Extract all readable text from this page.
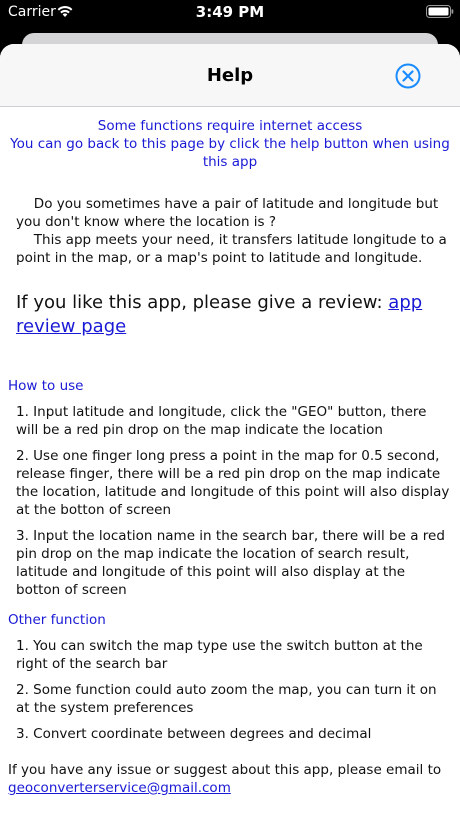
Carrier	3:49 PM
Help
Some functions require internet access
You can go back to this page by click the help button when using
this app

  Do you sometimes have a pair of latitude and longitude but you don't know where the location is ?

  This app meets your need, it transfers latitude longitude to a point in the map, or a map's point to latitude and longitude.

If you like this app, please give a review: app review page
How to use
1. Input latitude and longitude, click the "GEO" button, there will be a red pin drop on the map indicate the location
2. Use one finger long press a point in the map for 0.5 second, release finger, there will be a red pin drop on the map indicate the location, latitude and longitude of this point will also display at the botton of screen
3. Input the location name in the search bar, there will be a red pin drop on the map indicate the location of search result, latitude and longitude of this point will also display at the botton of screen
Other function
1. You can switch the map type use the switch button at the right of the search bar
2. Some function could auto zoom the map, you can turn it on at the system preferences
3. Convert coordinate between degrees and decimal
If you have any issue or suggest about this app, please email to
geoconverterservice@gmail.com
